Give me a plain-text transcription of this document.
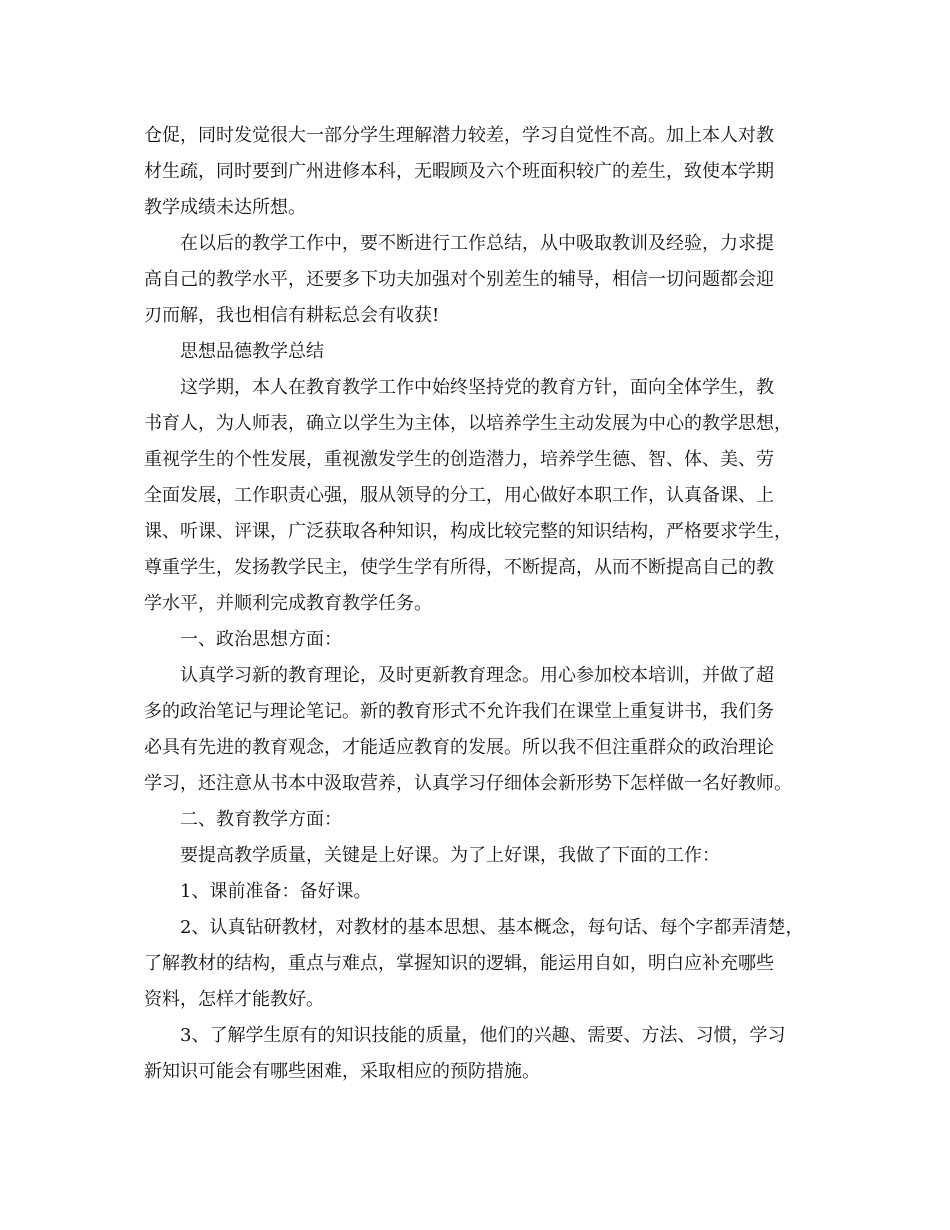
仓促，同时发觉很大一部分学生理解潜力较差，学习自觉性不高。加上本人对教
材生疏，同时要到广州进修本科，无暇顾及六个班面积较广的差生，致使本学期
教学成绩未达所想。
在以后的教学工作中，要不断进行工作总结，从中吸取教训及经验，力求提
高自己的教学水平，还要多下功夫加强对个别差生的辅导，相信一切问题都会迎
刃而解，我也相信有耕耘总会有收获!
思想品德教学总结
这学期，本人在教育教学工作中始终坚持党的教育方针，面向全体学生，教
书育人，为人师表，确立以学生为主体，以培养学生主动发展为中心的教学思想，
重视学生的个性发展，重视激发学生的创造潜力，培养学生德、智、体、美、劳
全面发展，工作职责心强，服从领导的分工，用心做好本职工作，认真备课、上
课、听课、评课，广泛获取各种知识，构成比较完整的知识结构，严格要求学生，
尊重学生，发扬教学民主，使学生学有所得，不断提高，从而不断提高自己的教
学水平，并顺利完成教育教学任务。
一、政治思想方面：
认真学习新的教育理论，及时更新教育理念。用心参加校本培训，并做了超
多的政治笔记与理论笔记。新的教育形式不允许我们在课堂上重复讲书，我们务
必具有先进的教育观念，才能适应教育的发展。所以我不但注重群众的政治理论
学习，还注意从书本中汲取营养，认真学习仔细体会新形势下怎样做一名好教师。
二、教育教学方面：
要提高教学质量，关键是上好课。为了上好课，我做了下面的工作：
1、课前准备：备好课。
2、认真钻研教材，对教材的基本思想、基本概念，每句话、每个字都弄清楚，
了解教材的结构，重点与难点，掌握知识的逻辑，能运用自如，明白应补充哪些
资料，怎样才能教好。
3、了解学生原有的知识技能的质量，他们的兴趣、需要、方法、习惯，学习
新知识可能会有哪些困难，采取相应的预防措施。
